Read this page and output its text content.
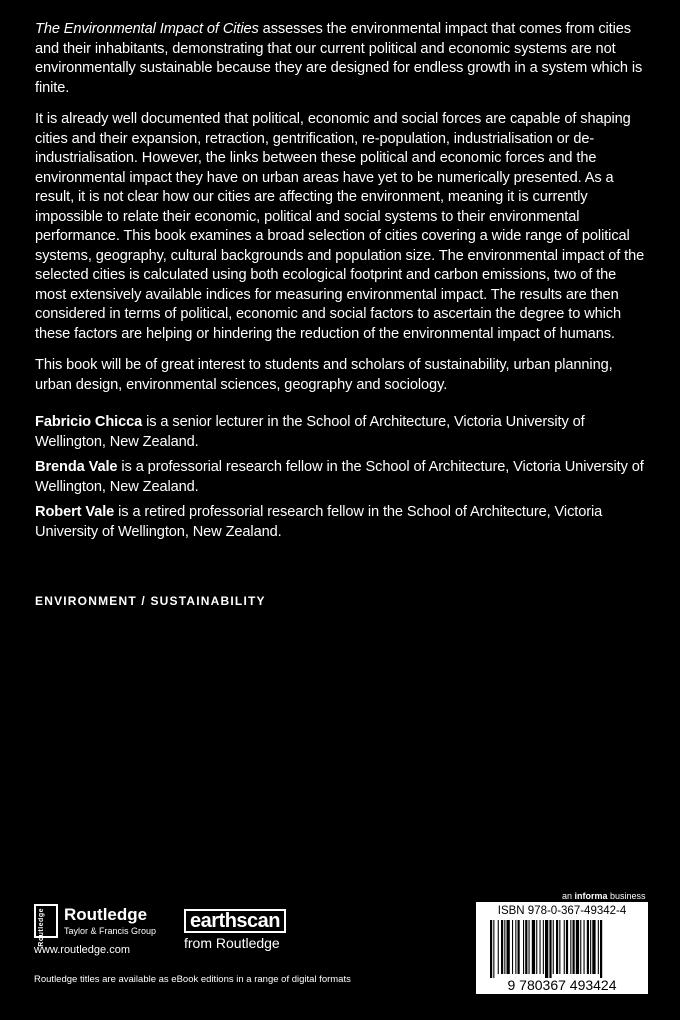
The Environmental Impact of Cities assesses the environmental impact that comes from cities and their inhabitants, demonstrating that our current political and economic systems are not environmentally sustainable because they are designed for endless growth in a system which is finite.

It is already well documented that political, economic and social forces are capable of shaping cities and their expansion, retraction, gentrification, re-population, industrialisation or de-industrialisation. However, the links between these political and economic forces and the environmental impact they have on urban areas have yet to be numerically presented. As a result, it is not clear how our cities are affecting the environment, meaning it is currently impossible to relate their economic, political and social systems to their environmental performance. This book examines a broad selection of cities covering a wide range of political systems, geography, cultural backgrounds and population size. The environmental impact of the selected cities is calculated using both ecological footprint and carbon emissions, two of the most extensively available indices for measuring environmental impact. The results are then considered in terms of political, economic and social factors to ascertain the degree to which these factors are helping or hindering the reduction of the environmental impact of humans.

This book will be of great interest to students and scholars of sustainability, urban planning, urban design, environmental sciences, geography and sociology.

Fabricio Chicca is a senior lecturer in the School of Architecture, Victoria University of Wellington, New Zealand.

Brenda Vale is a professorial research fellow in the School of Architecture, Victoria University of Wellington, New Zealand.

Robert Vale is a retired professorial research fellow in the School of Architecture, Victoria University of Wellington, New Zealand.

ENVIRONMENT / SUSTAINABILITY
Routledge Routledge
Taylor & Francis Group
www.routledge.com
earthscan
from Routledge
an informa business
ISBN 978-0-367-49342-4
9 780367 493424
Routledge titles are available as eBook editions in a range of digital formats
